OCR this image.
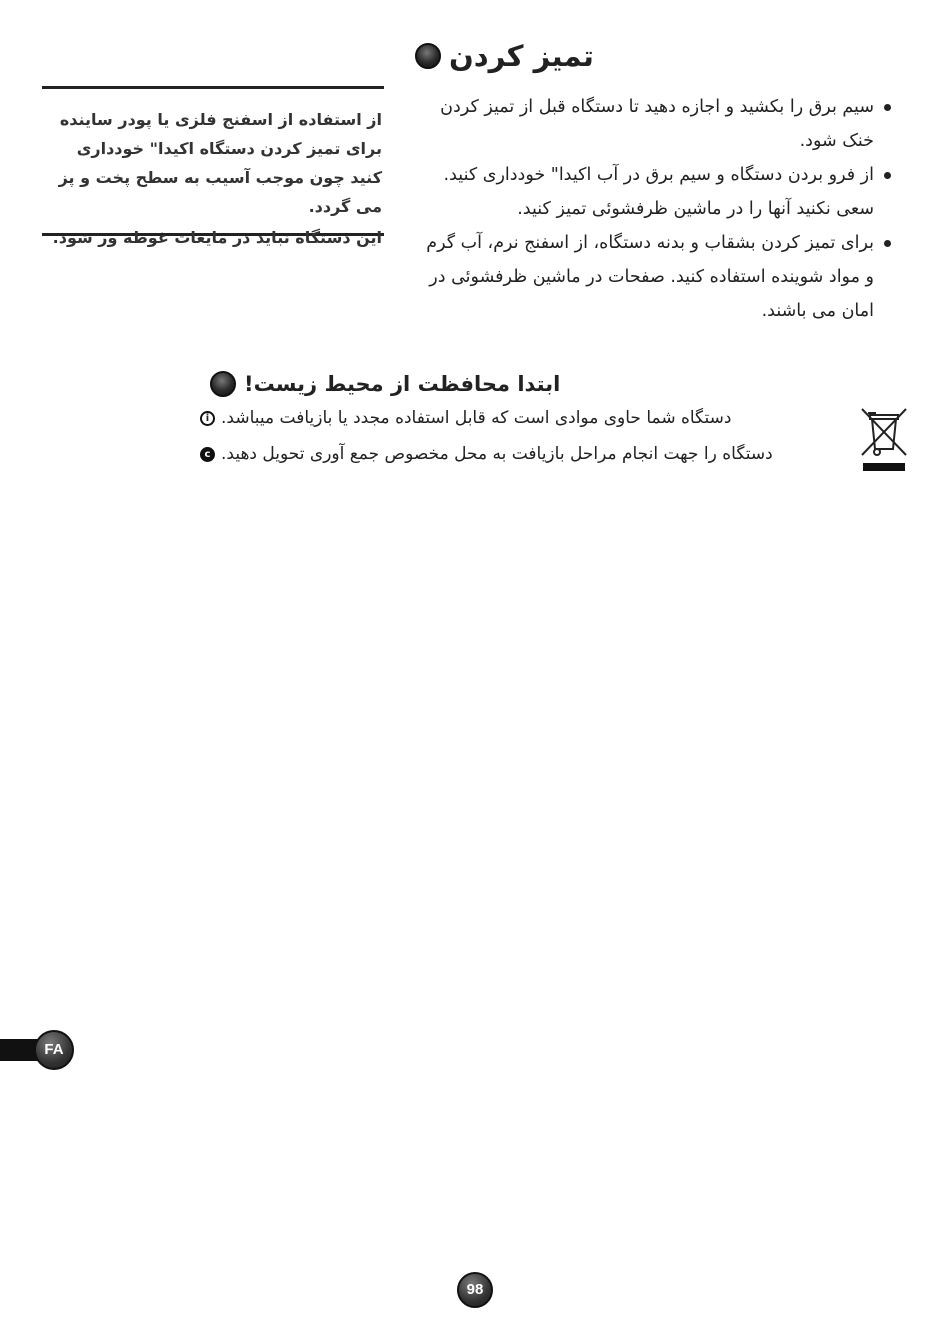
تمیز کردن
سیم برق را بکشید و اجازه دهید تا دستگاه قبل از تمیز کردن خنک شود.
از فرو بردن دستگاه و سیم برق در آب اکیدا" خودداری کنید. سعی نکنید آنها را در ماشین ظرفشوئی تمیز کنید.
برای تمیز کردن بشقاب و بدنه دستگاه، از اسفنج نرم، آب گرم و مواد شوینده استفاده کنید. صفحات در ماشین ظرفشوئی در امان می باشند.

از استفاده از اسفنج فلزی یا پودر ساینده برای تمیز کردن دستگاه اکیدا" خودداری کنید چون موجب آسیب به سطح پخت و پز می گردد.

این دستگاه نباید در مایعات غوطه ور شود.

ابتدا محافظت از محیط زیست!
i دستگاه شما حاوی موادی است که قابل استفاده مجدد یا بازیافت میباشد.
c دستگاه را جهت انجام مراحل بازیافت به محل مخصوص جمع آوری تحویل دهید.
FA
98
